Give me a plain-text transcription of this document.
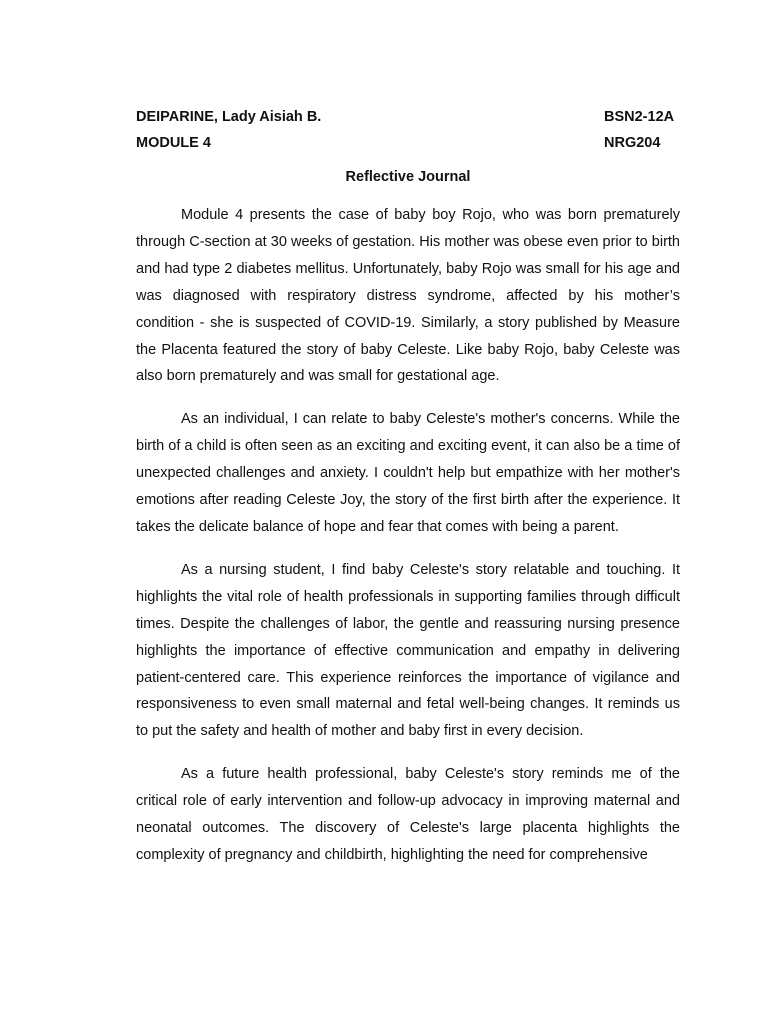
DEIPARINE, Lady Aisiah B.	BSN2-12A
MODULE 4	NRG204
Reflective Journal

Module 4 presents the case of baby boy Rojo, who was born prematurely through C-section at 30 weeks of gestation. His mother was obese even prior to birth and had type 2 diabetes mellitus. Unfortunately, baby Rojo was small for his age and was diagnosed with respiratory distress syndrome, affected by his mother’s condition - she is suspected of COVID-19. Similarly, a story published by Measure the Placenta featured the story of baby Celeste. Like baby Rojo, baby Celeste was also born prematurely and was small for gestational age.

As an individual, I can relate to baby Celeste's mother's concerns. While the birth of a child is often seen as an exciting and exciting event, it can also be a time of unexpected challenges and anxiety. I couldn't help but empathize with her mother's emotions after reading Celeste Joy, the story of the first birth after the experience. It takes the delicate balance of hope and fear that comes with being a parent.

As a nursing student, I find baby Celeste's story relatable and touching. It highlights the vital role of health professionals in supporting families through difficult times. Despite the challenges of labor, the gentle and reassuring nursing presence highlights the importance of effective communication and empathy in delivering patient-centered care. This experience reinforces the importance of vigilance and responsiveness to even small maternal and fetal well-being changes. It reminds us to put the safety and health of mother and baby first in every decision.

As a future health professional, baby Celeste's story reminds me of the critical role of early intervention and follow-up advocacy in improving maternal and neonatal outcomes. The discovery of Celeste's large placenta highlights the complexity of pregnancy and childbirth, highlighting the need for comprehensive
